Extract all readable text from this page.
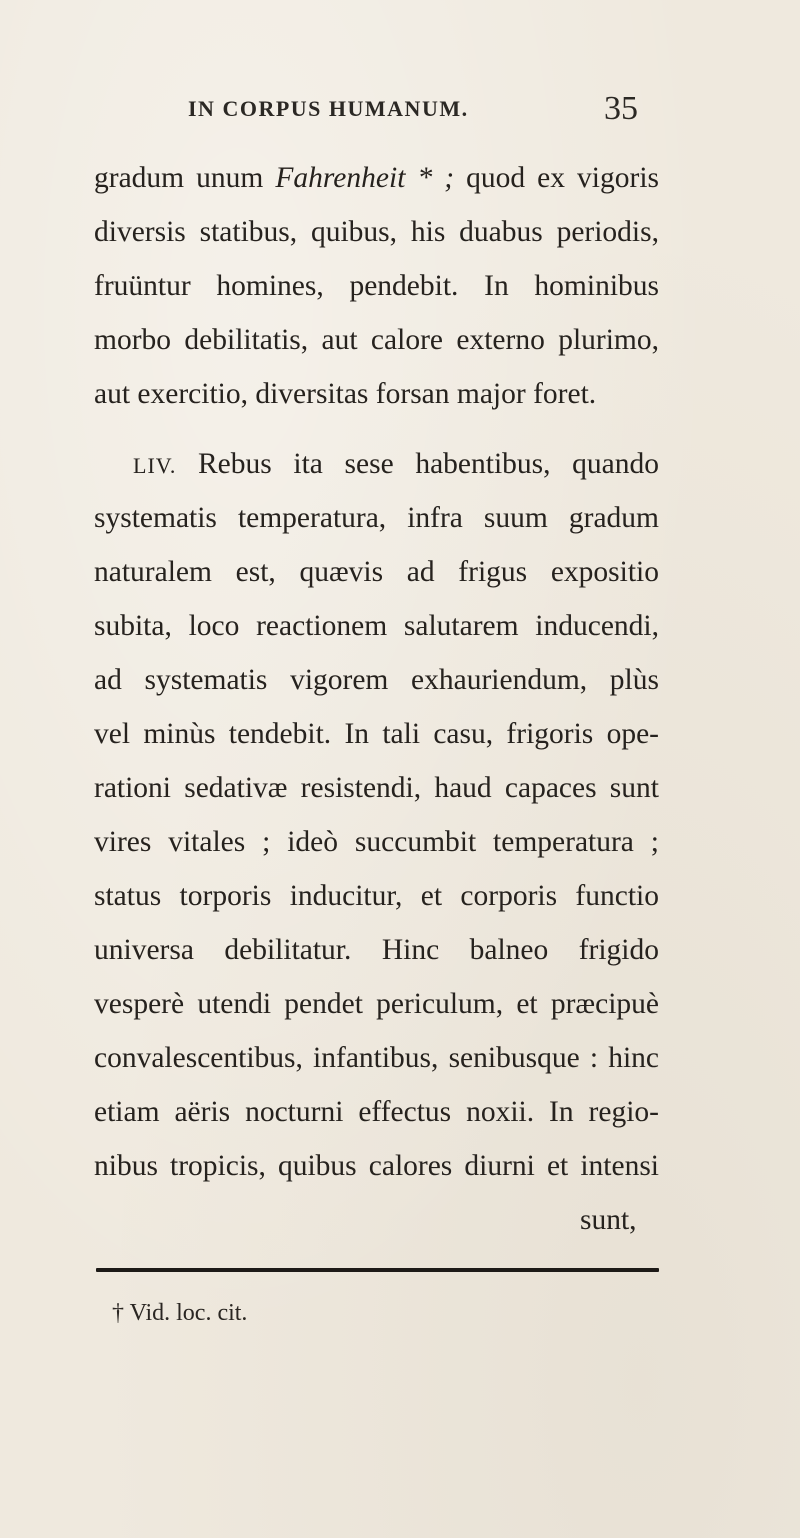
IN CORPUS HUMANUM.	35
gradum unum Fahrenheit * ; quod ex vigoris
diversis statibus, quibus, his duabus periodis,
fruüntur homines, pendebit. In hominibus
morbo debilitatis, aut calore externo plurimo,
aut exercitio, diversitas forsan major foret.
LIV. Rebus ita sese habentibus, quando
systematis temperatura, infra suum gradum
naturalem est, quævis ad frigus expositio
subita, loco reactionem salutarem inducendi,
ad systematis vigorem exhauriendum, plùs
vel minùs tendebit. In tali casu, frigoris ope-
rationi sedativæ resistendi, haud capaces sunt
vires vitales ; ideò succumbit temperatura ;
status torporis inducitur, et corporis functio
universa debilitatur. Hinc balneo frigido
vesperè utendi pendet periculum, et præcipuè
convalescentibus, infantibus, senibusque : hinc
etiam aëris nocturni effectus noxii. In regio-
nibus tropicis, quibus calores diurni et intensi
sunt,
† Vid. loc. cit.
